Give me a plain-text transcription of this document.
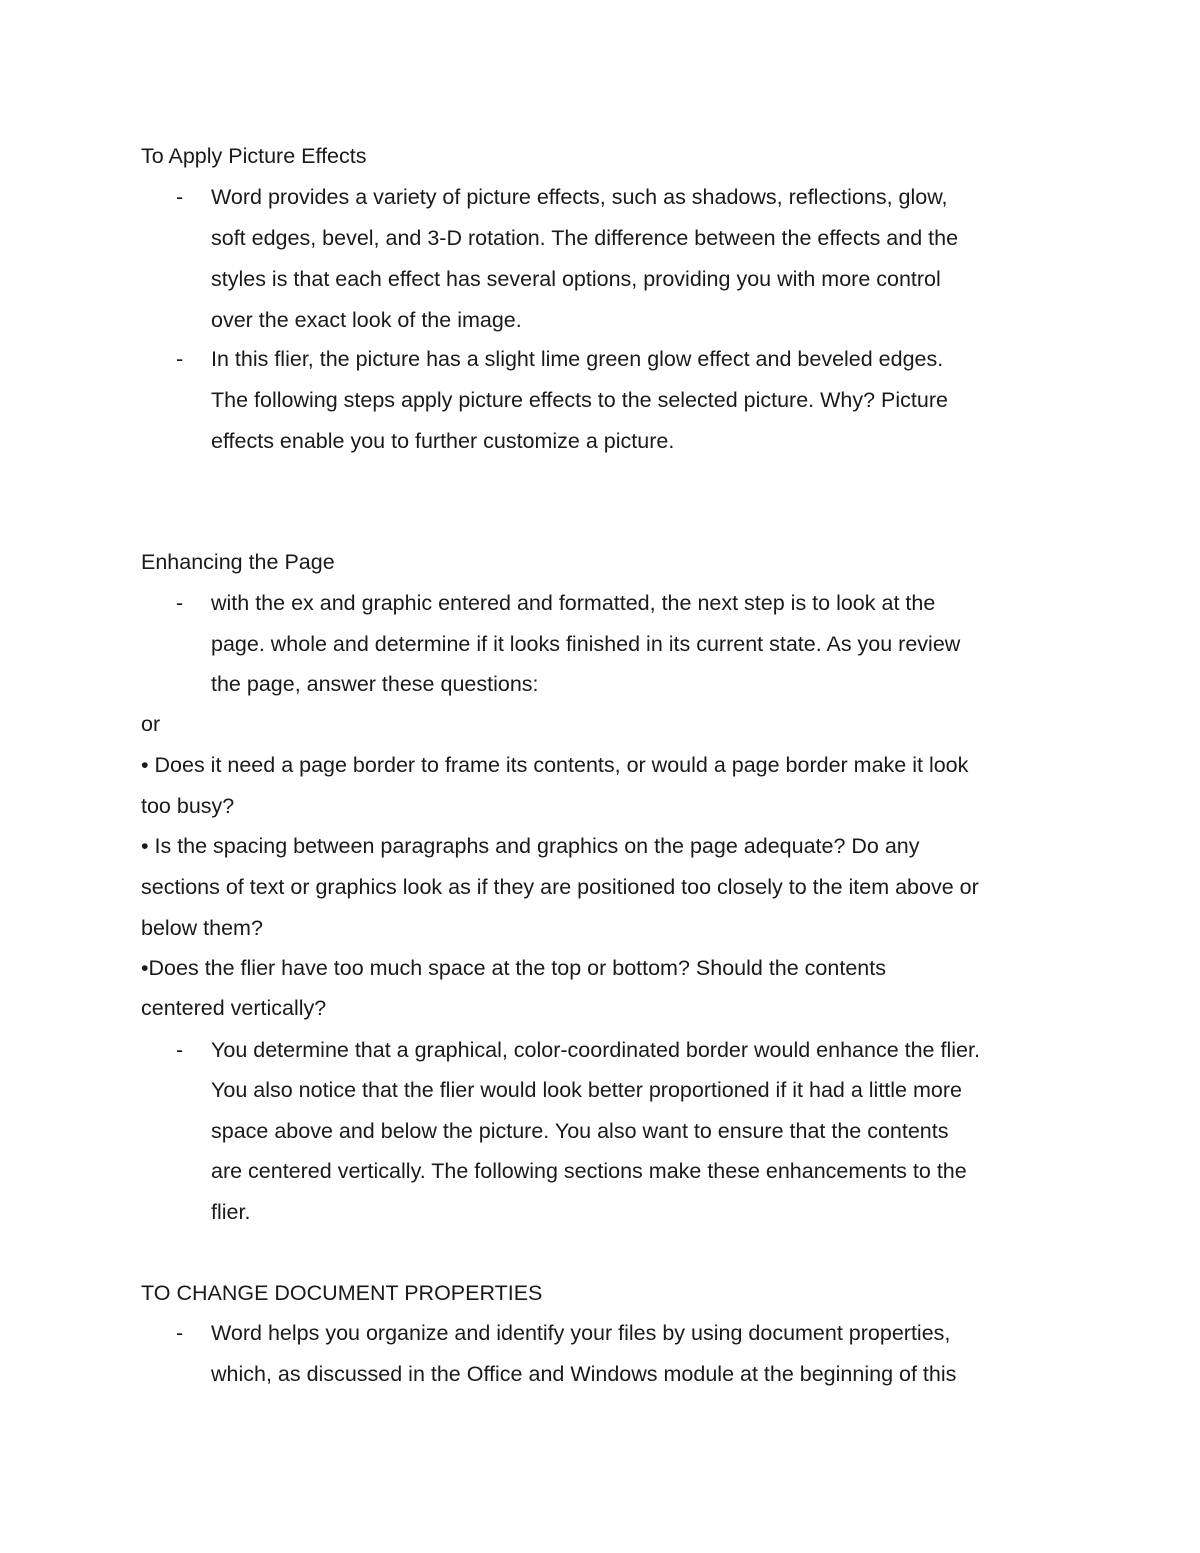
To Apply Picture Effects
- Word provides a variety of picture effects, such as shadows, reflections, glow,
soft edges, bevel, and 3-D rotation. The difference between the effects and the
styles is that each effect has several options, providing you with more control
over the exact look of the image.
- In this flier, the picture has a slight lime green glow effect and beveled edges.
The following steps apply picture effects to the selected picture. Why? Picture
effects enable you to further customize a picture.
Enhancing the Page
- with the ex and graphic entered and formatted, the next step is to look at the
page. whole and determine if it looks finished in its current state. As you review
the page, answer these questions:
or
• Does it need a page border to frame its contents, or would a page border make it look
too busy?
• Is the spacing between paragraphs and graphics on the page adequate? Do any
sections of text or graphics look as if they are positioned too closely to the item above or
below them?
•Does the flier have too much space at the top or bottom? Should the contents
centered vertically?
- You determine that a graphical, color-coordinated border would enhance the flier.
You also notice that the flier would look better proportioned if it had a little more
space above and below the picture. You also want to ensure that the contents
are centered vertically. The following sections make these enhancements to the
flier.
TO CHANGE DOCUMENT PROPERTIES
- Word helps you organize and identify your files by using document properties,
which, as discussed in the Office and Windows module at the beginning of this
